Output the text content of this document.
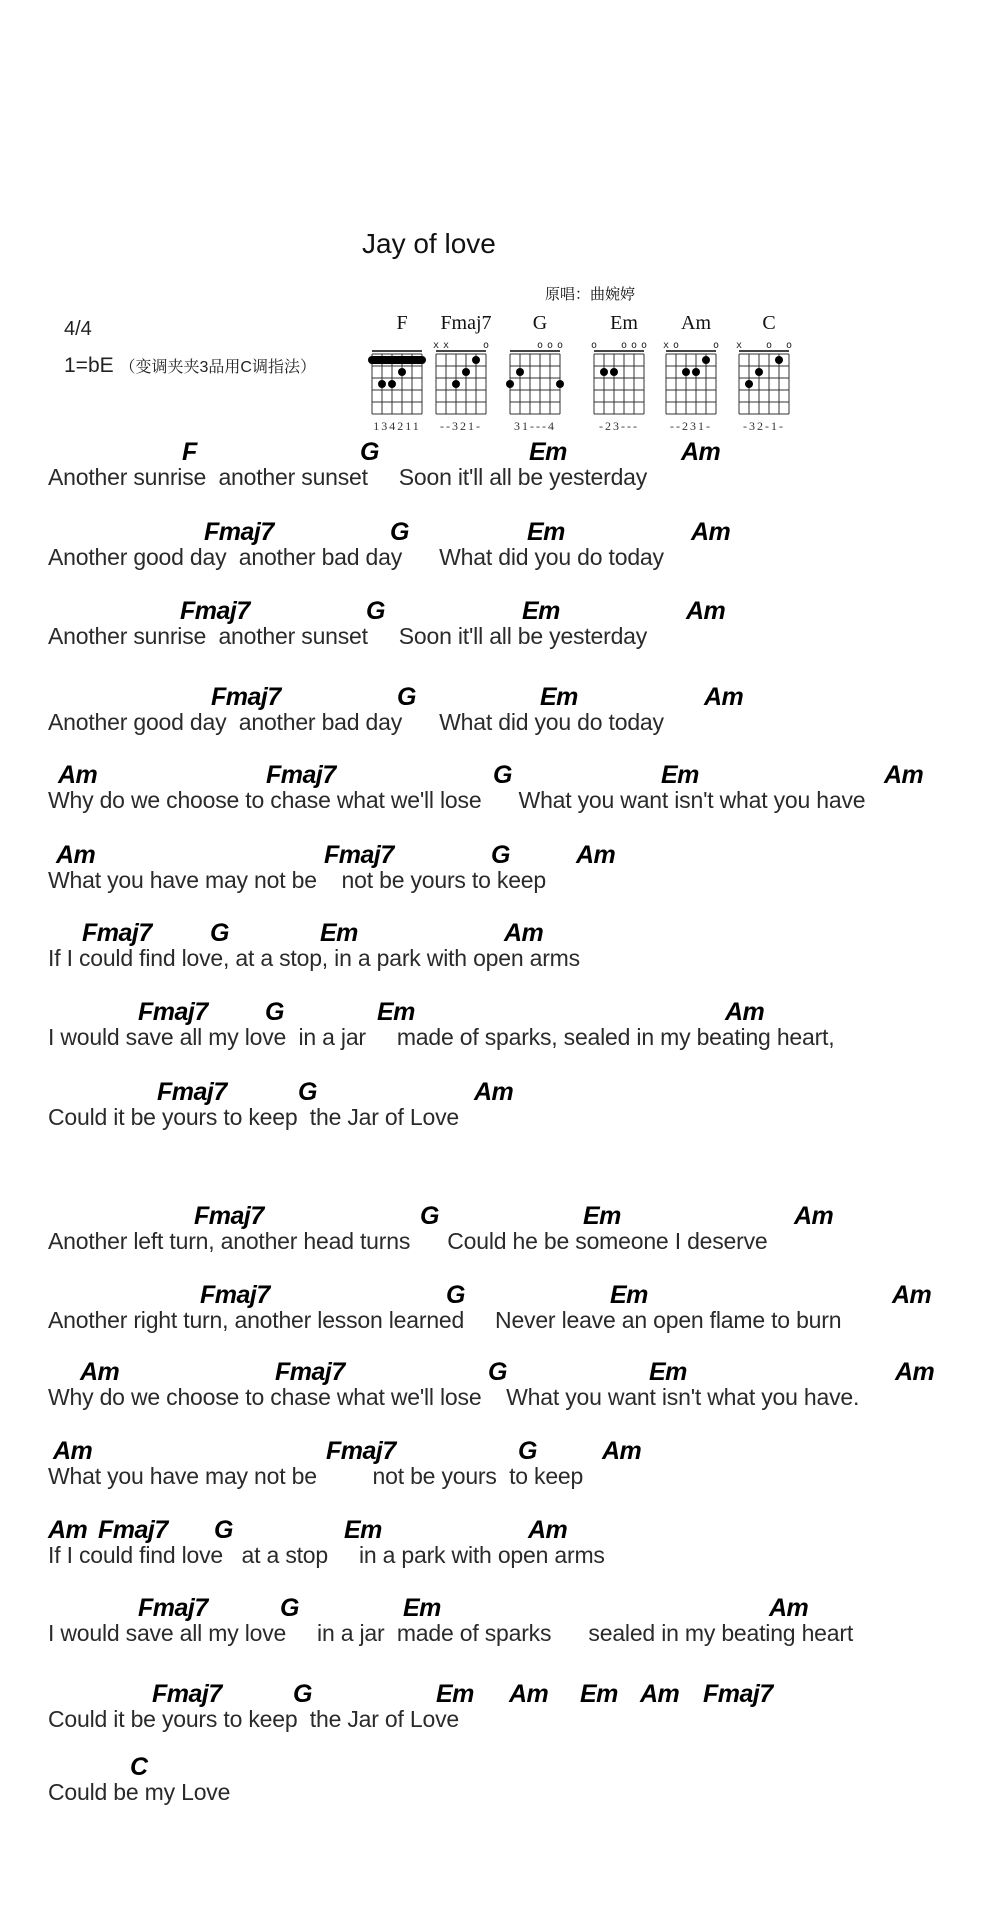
Jay of love
原唱：曲婉婷
4/4
1=bE （变调夹夹3品用C调指法）
F
134211
Fmaj7
--321-
xx   o
G
31---4
ooo
Em
-23---
o  ooo
Am
--231-
xo   o
C
-32-1-
x  o o
F	G	Em	Am
Another sunrise  another sunset     Soon it'll all be yesterday
Fmaj7	G	Em	Am
Another good day  another bad day      What did you do today
Fmaj7	G	Em	Am
Another sunrise  another sunset     Soon it'll all be yesterday
Fmaj7	G	Em	Am
Another good day  another bad day      What did you do today
Am	Fmaj7	G	Em	Am
Why do we choose to chase what we'll lose      What you want isn't what you have
Am	Fmaj7	G	Am
What you have may not be    not be yours to keep
Fmaj7 G	Em	Am
If I could find love, at a stop, in a park with open arms
Fmaj7 G	Em	Am
I would save all my love  in a jar     made of sparks, sealed in my beating heart,
Fmaj7	G	Am
Could it be yours to keep  the Jar of Love
Fmaj7	G	Em	Am
Another left turn, another head turns      Could he be someone I deserve
Fmaj7	G	Em	Am
Another right turn, another lesson learned     Never leave an open flame to burn
Am	Fmaj7	G	Em	Am
Why do we choose to chase what we'll lose    What you want isn't what you have.
Am	Fmaj7	G	Am
What you have may not be         not be yours  to keep
Am Fmaj7 G	Em	Am
If I could find love   at a stop     in a park with open arms
Fmaj7	G	Em	Am
I would save all my love     in a jar  made of sparks      sealed in my beating heart
Fmaj7	G	Em Am Em Am Fmaj7
Could it be yours to keep  the Jar of Love
C
Could be my Love
